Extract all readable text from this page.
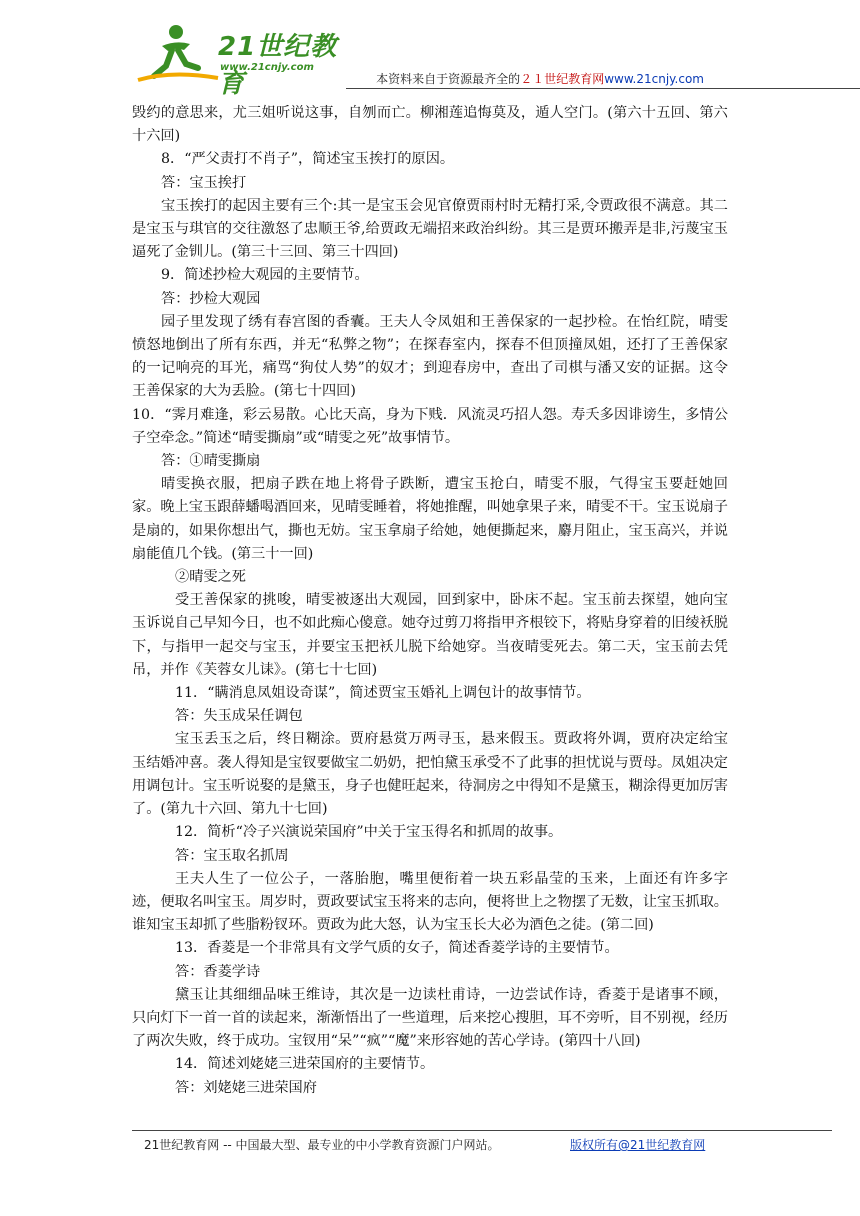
21世纪教育
www.21cnjy.com
本资料来自于资源最齐全的２１世纪教育网www.21cnjy.com

毁约的意思来，尤三姐听说这事，自刎而亡。柳湘莲追悔莫及，遁人空门。(第六十五回、第六十六回)

8．“严父责打不肖子”，简述宝玉挨打的原因。

答：宝玉挨打

宝玉挨打的起因主要有三个:其一是宝玉会见官僚贾雨村时无精打采,令贾政很不满意。其二是宝玉与琪官的交往激怒了忠顺王爷,给贾政无端招来政治纠纷。其三是贾环搬弄是非,污蔑宝玉逼死了金钏儿。(第三十三回、第三十四回)

9．简述抄检大观园的主要情节。

答：抄检大观园

园子里发现了绣有春宫图的香囊。王夫人令凤姐和王善保家的一起抄检。在怡红院，晴雯愤怒地倒出了所有东西，并无“私弊之物”；在探春室内，探春不但顶撞凤姐，还打了王善保家的一记响亮的耳光，痛骂“狗仗人势”的奴才；到迎春房中，查出了司棋与潘又安的证据。这令王善保家的大为丢脸。(第七十四回)

10．“霁月难逢，彩云易散。心比天高，身为下贱．风流灵巧招人怨。寿夭多因诽谤生，多情公子空牵念。”简述“晴雯撕扇”或“晴雯之死”故事情节。

答：①晴雯撕扇

晴雯换衣服，把扇子跌在地上将骨子跌断，遭宝玉抢白，晴雯不服，气得宝玉要赶她回家。晚上宝玉跟薛蟠喝酒回来，见晴雯睡着，将她推醒，叫她拿果子来，晴雯不干。宝玉说扇子是扇的，如果你想出气，撕也无妨。宝玉拿扇子给她，她便撕起来，麝月阻止，宝玉高兴，并说扇能值几个钱。(第三十一回)

②晴雯之死

受王善保家的挑唆，晴雯被逐出大观园，回到家中，卧床不起。宝玉前去探望，她向宝玉诉说自己早知今日，也不如此痴心傻意。她夺过剪刀将指甲齐根铰下，将贴身穿着的旧绫袄脱下，与指甲一起交与宝玉，并要宝玉把袄儿脱下给她穿。当夜晴雯死去。第二天，宝玉前去凭吊，并作《芙蓉女儿诔》。(第七十七回)

11．“瞒消息凤姐设奇谋”，简述贾宝玉婚礼上调包计的故事情节。

答：失玉成呆任调包

宝玉丢玉之后，终日糊涂。贾府悬赏万两寻玉，悬来假玉。贾政将外调，贾府决定给宝玉结婚冲喜。袭人得知是宝钗要做宝二奶奶，把怕黛玉承受不了此事的担忧说与贾母。凤姐决定用调包计。宝玉听说娶的是黛玉，身子也健旺起来，待洞房之中得知不是黛玉，糊涂得更加厉害了。(第九十六回、第九十七回)

12．简析“冷子兴演说荣国府”中关于宝玉得名和抓周的故事。

答：宝玉取名抓周

王夫人生了一位公子，一落胎胞，嘴里便衔着一块五彩晶莹的玉来，上面还有许多字迹，便取名叫宝玉。周岁时，贾政要试宝玉将来的志向，便将世上之物摆了无数，让宝玉抓取。谁知宝玉却抓了些脂粉钗环。贾政为此大怒，认为宝玉长大必为酒色之徒。(第二回)

13．香菱是一个非常具有文学气质的女子，简述香菱学诗的主要情节。

答：香菱学诗

黛玉让其细细品味王维诗，其次是一边读杜甫诗，一边尝试作诗，香菱于是诸事不顾，只向灯下一首一首的读起来，渐渐悟出了一些道理，后来挖心搜胆，耳不旁听，目不别视，经历了两次失败，终于成功。宝钗用“呆”“疯”“魔”来形容她的苦心学诗。(第四十八回)

14．简述刘姥姥三进荣国府的主要情节。

答：刘姥姥三进荣国府

21世纪教育网 -- 中国最大型、最专业的中小学教育资源门户网站。	版权所有@21世纪教育网
